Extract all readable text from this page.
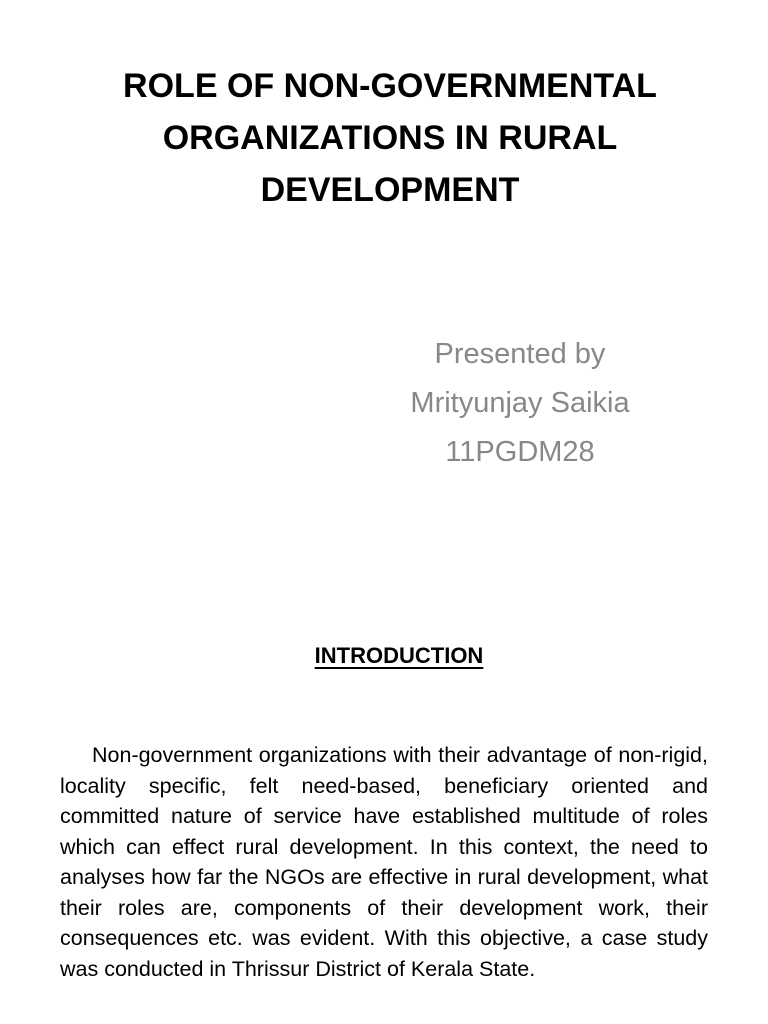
ROLE OF NON-GOVERNMENTAL
ORGANIZATIONS IN RURAL
DEVELOPMENT
Presented by
Mrityunjay Saikia
11PGDM28
INTRODUCTION

Non-government organizations with their advantage of non-rigid, locality specific, felt need-based, beneficiary oriented and committed nature of service have established multitude of roles which can effect rural development. In this context, the need to analyses how far the NGOs are effective in rural development, what their roles are, components of their development work, their consequences etc. was evident. With this objective, a case study was conducted in Thrissur District of Kerala State.
